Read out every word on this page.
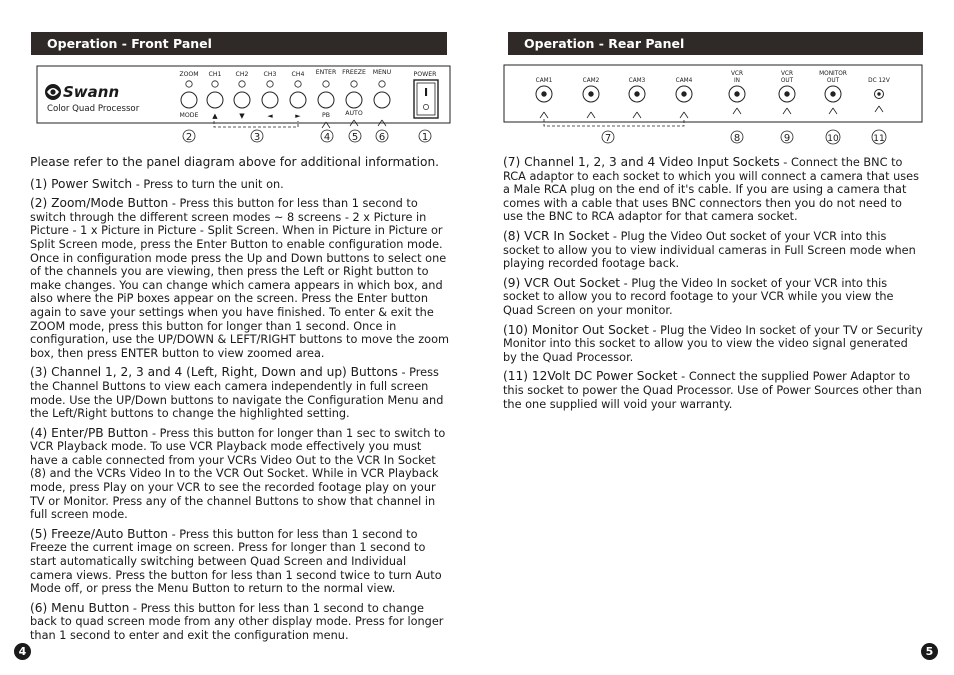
Operation - Front Panel
Swann
Color Quad Processor
ZOOM CH1 CH2 CH3 CH4 ENTER FREEZE MENU	POWER
I
MODE ▲	▼	◄	►	PB AUTO
2	3	4 5 6	1

Please refer to the panel diagram above for additional information.

(1) Power Switch - Press to turn the unit on.

(2) Zoom/Mode Button - Press this button for less than 1 second to switch through the different screen modes ~ 8 screens - 2 x Picture in Picture - 1 x Picture in Picture - Split Screen. When in Picture in Picture or Split Screen mode, press the Enter Button to enable configuration mode. Once in configuration mode press the Up and Down buttons to select one of the channels you are viewing, then press the Left or Right button to make changes. You can change which camera appears in which box, and also where the PiP boxes appear on the screen. Press the Enter button again to save your settings when you have finished. To enter & exit the ZOOM mode, press this button for longer than 1 second. Once in configuration, use the UP/DOWN & LEFT/RIGHT buttons to move the zoom box, then press ENTER button to view zoomed area.

(3) Channel 1, 2, 3 and 4 (Left, Right, Down and up) Buttons - Press the Channel Buttons to view each camera independently in full screen mode. Use the UP/Down buttons to navigate the Configuration Menu and the Left/Right buttons to change the highlighted setting.

(4) Enter/PB Button - Press this button for longer than 1 sec to switch to VCR Playback mode. To use VCR Playback mode effectively you must have a cable connected from your VCRs Video Out to the VCR In Socket (8) and the VCRs Video In to the VCR Out Socket. While in VCR Playback mode, press Play on your VCR to see the recorded footage play on your TV or Monitor. Press any of the channel Buttons to show that channel in full screen mode.

(5) Freeze/Auto Button - Press this button for less than 1 second to Freeze the current image on screen. Press for longer than 1 second to start automatically switching between Quad Screen and Individual camera views. Press the button for less than 1 second twice to turn Auto Mode off, or press the Menu Button to return to the normal view.

(6) Menu Button - Press this button for less than 1 second to change back to quad screen mode from any other display mode. Press for longer than 1 second to enter and exit the configuration menu.

4
Operation - Rear Panel
CAM1	CAM2	CAM3	CAM4
VCR
IN
VCR
OUT
MONITOR
OUT	DC 12V
7	8	9	10	11

(7) Channel 1, 2, 3 and 4 Video Input Sockets - Connect the BNC to RCA adaptor to each socket to which you will connect a camera that uses a Male RCA plug on the end of it's cable. If you are using a camera that comes with a cable that uses BNC connectors then you do not need to use the BNC to RCA adaptor for that camera socket.

(8) VCR In Socket - Plug the Video Out socket of your VCR into this socket to allow you to view individual cameras in Full Screen mode when playing recorded footage back.

(9) VCR Out Socket - Plug the Video In socket of your VCR into this socket to allow you to record footage to your VCR while you view the Quad Screen on your monitor.

(10) Monitor Out Socket - Plug the Video In socket of your TV or Security Monitor into this socket to allow you to view the video signal generated by the Quad Processor.

(11) 12Volt DC Power Socket - Connect the supplied Power Adaptor to this socket to power the Quad Processor. Use of Power Sources other than the one supplied will void your warranty.

5
